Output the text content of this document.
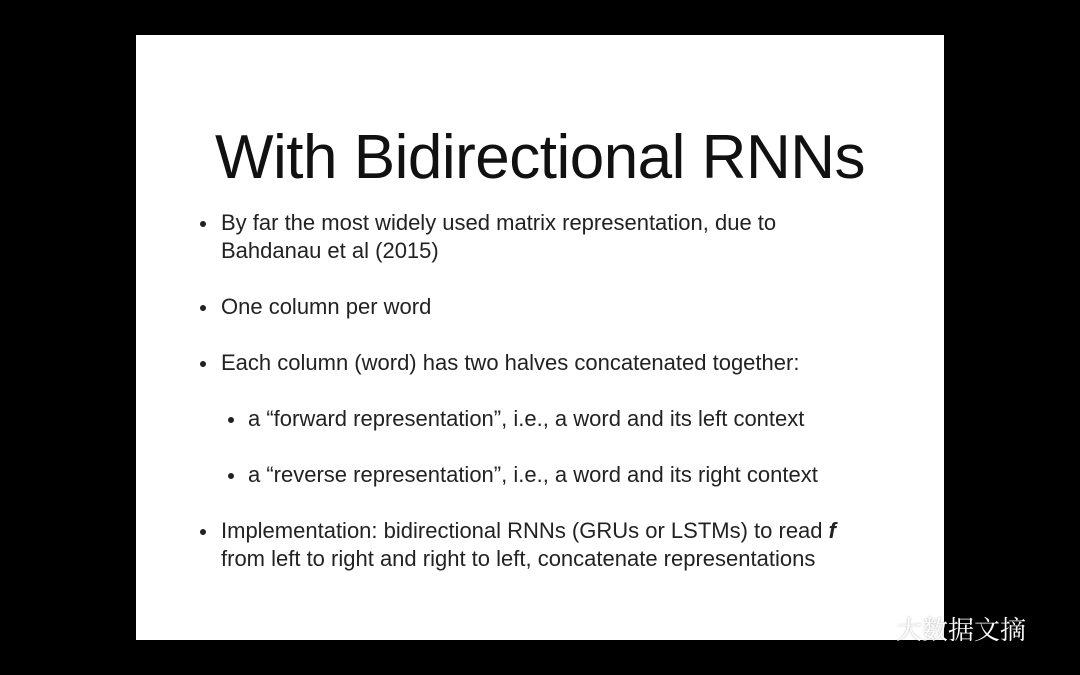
With Bidirectional RNNs
By far the most widely used matrix representation, due to
Bahdanau et al (2015)
One column per word
Each column (word) has two halves concatenated together:
a “forward representation”, i.e., a word and its left context
a “reverse representation”, i.e., a word and its right context
Implementation: bidirectional RNNs (GRUs or LSTMs) to read f
from left to right and right to left, concatenate representations
大数据文摘
